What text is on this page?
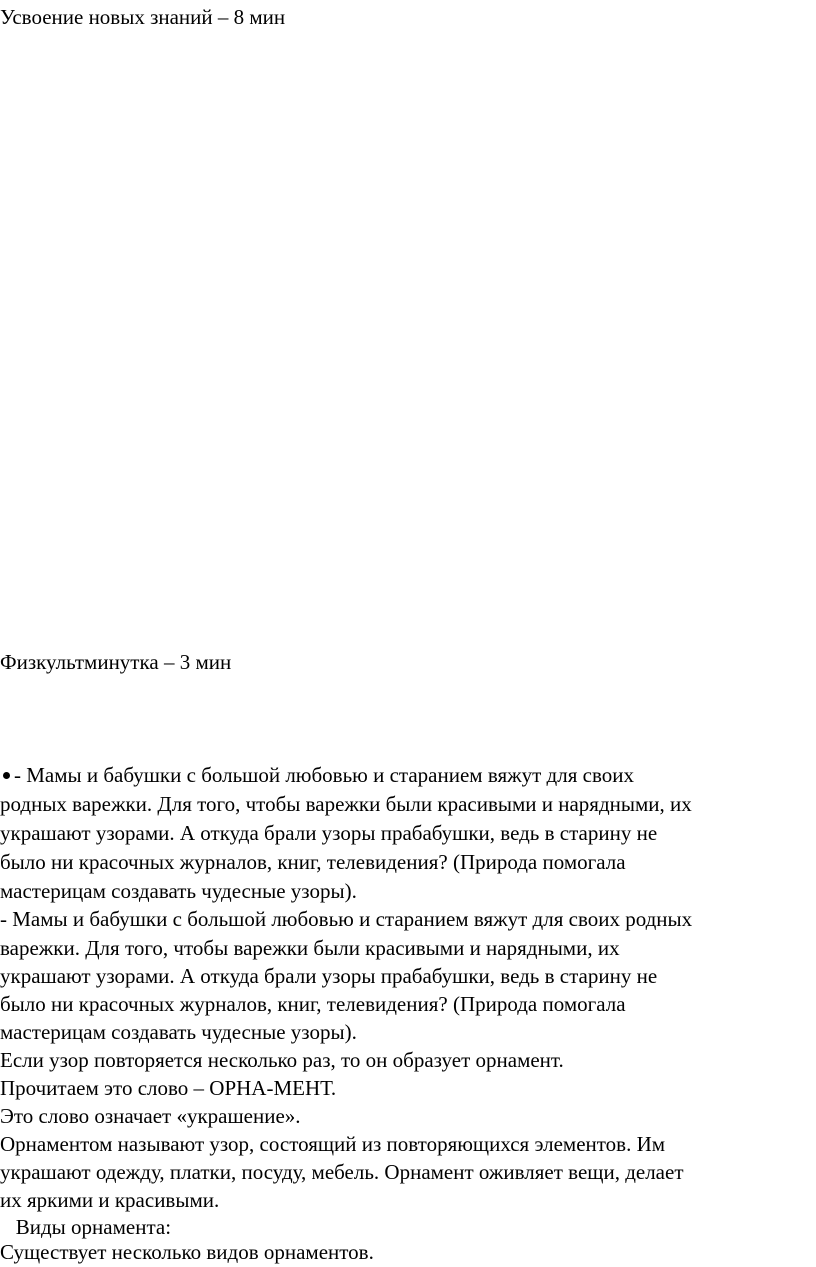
Усвоение новых знаний – 8 мин
Физкультминутка – 3 мин
- Мамы и бабушки с большой любовью и старанием вяжут для своих
родных варежки. Для того, чтобы варежки были красивыми и нарядными, их
украшают узорами. А откуда брали узоры прабабушки, ведь в старину не
было ни красочных журналов, книг, телевидения? (Природа помогала
мастерицам создавать чудесные узоры).
- Мамы и бабушки с большой любовью и старанием вяжут для своих родных
варежки. Для того, чтобы варежки были красивыми и нарядными, их
украшают узорами. А откуда брали узоры прабабушки, ведь в старину не
было ни красочных журналов, книг, телевидения? (Природа помогала
мастерицам создавать чудесные узоры).
Если узор повторяется несколько раз, то он образует орнамент.
Прочитаем это слово – ОРНА-МЕНТ.
Это слово означает «украшение».
Орнаментом называют узор, состоящий из повторяющихся элементов. Им
украшают одежду, платки, посуду, мебель. Орнамент оживляет вещи, делает
их яркими и красивыми.
Виды орнамента:
Существует несколько видов орнаментов.
